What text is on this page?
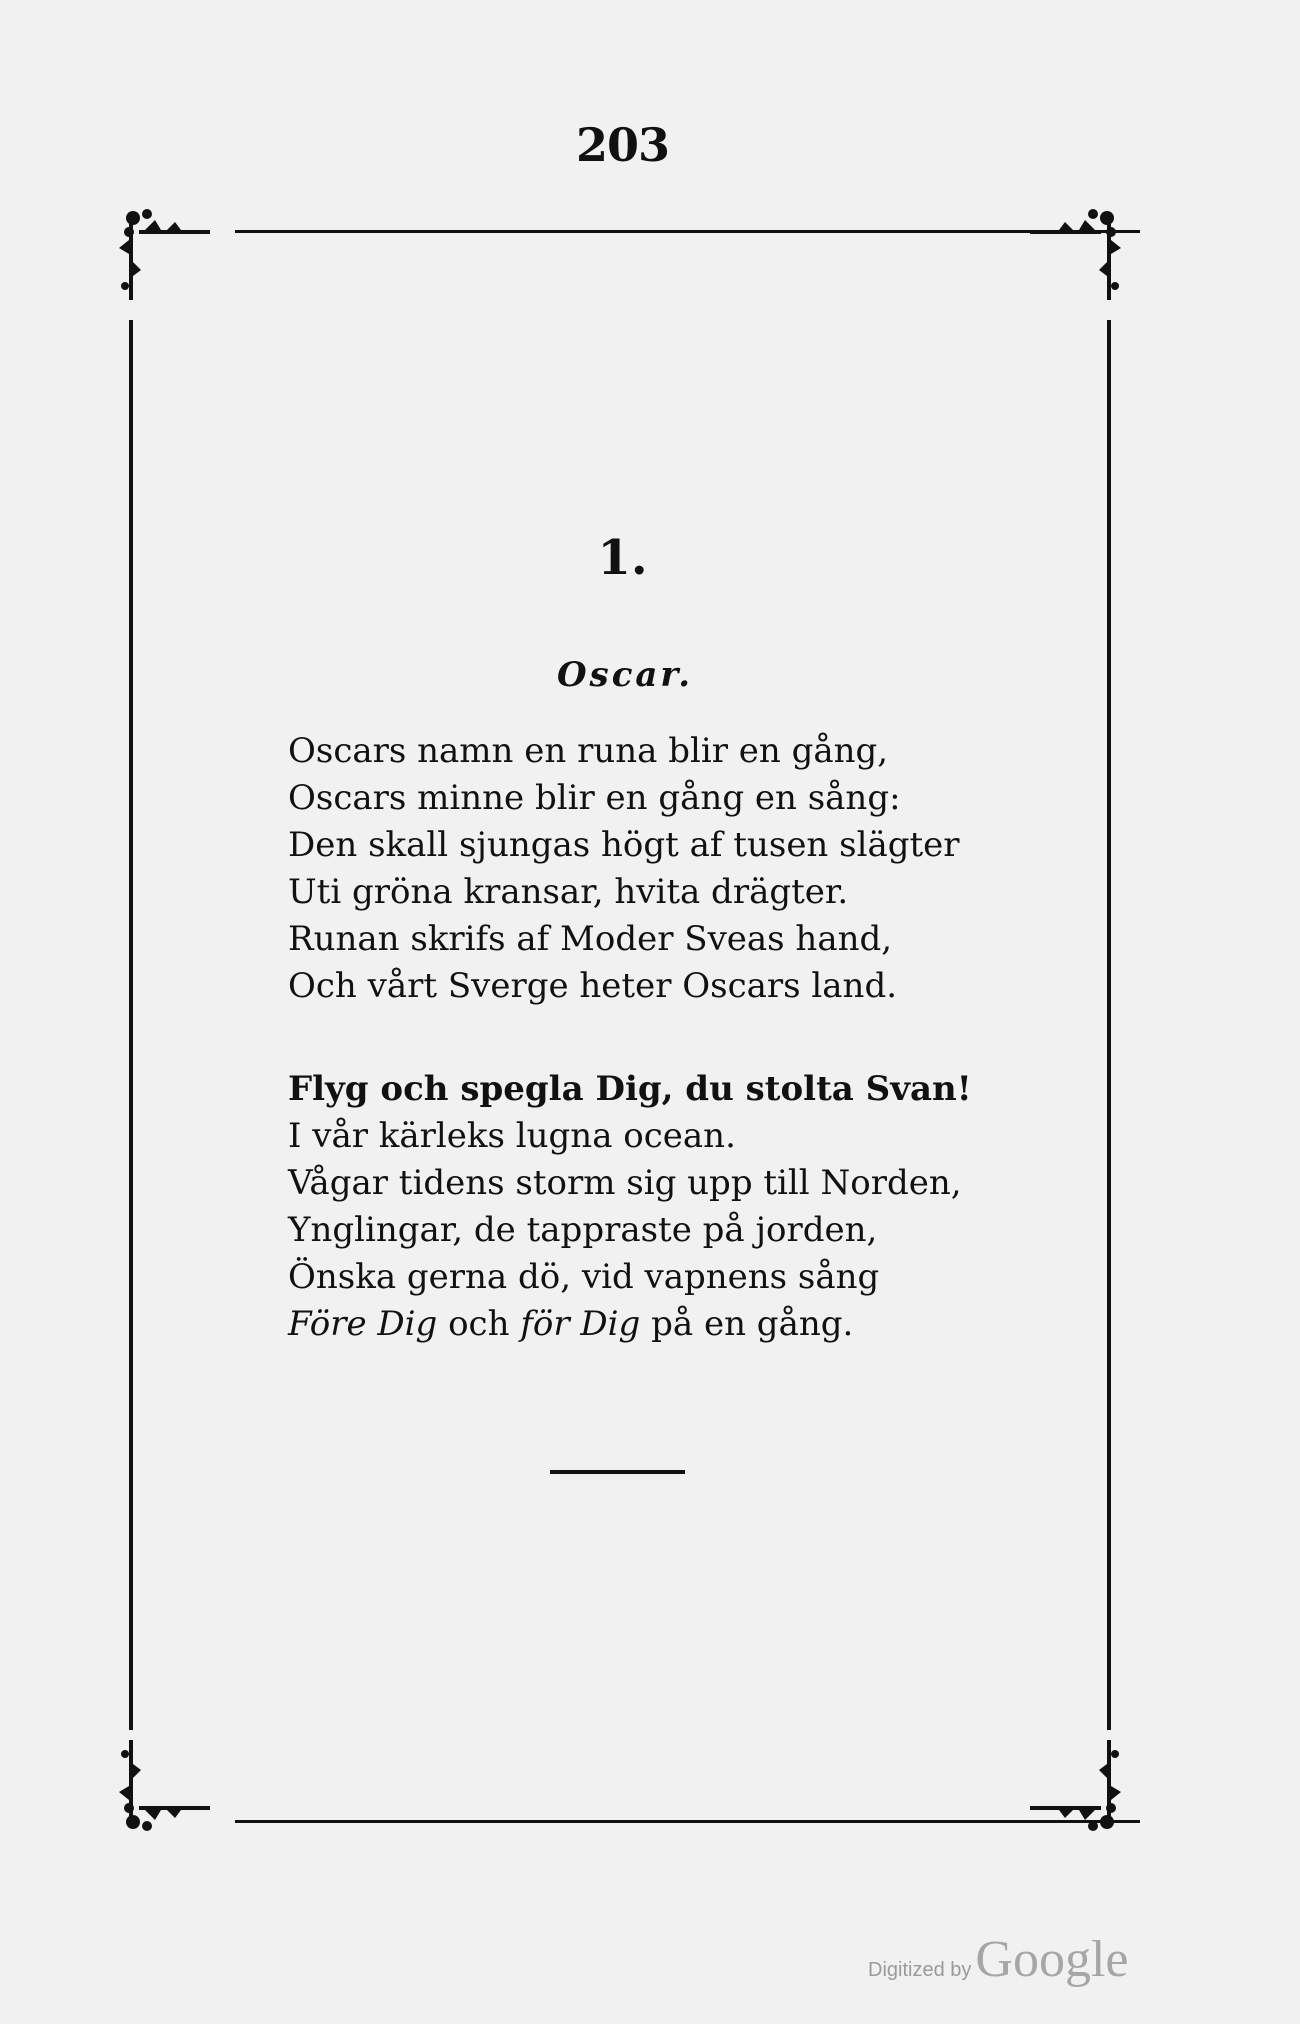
203
1.
Oscar.
Oscars namn en runa blir en gång,
Oscars minne blir en gång en sång:
Den skall sjungas högt af tusen slägter
Uti gröna kransar, hvita drägter.
Runan skrifs af Moder Sveas hand,
Och vårt Sverge heter Oscars land.
Flyg och spegla Dig, du stolta Svan!
I vår kärleks lugna ocean.
Vågar tidens storm sig upp till Norden,
Ynglingar, de tappraste på jorden,
Önska gerna dö, vid vapnens sång
Före Dig och för Dig på en gång.
Digitized byGoogle
